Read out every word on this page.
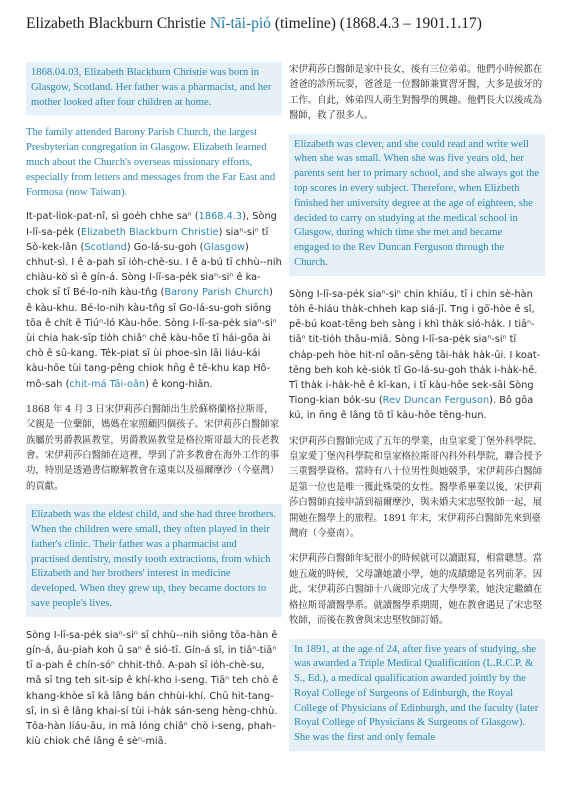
Elizabeth Blackburn Christie Nî-tāi-pió (timeline) (1868.4.3 – 1901.1.17)

1868.04.03, Elizabeth Blackburn Christie was born in Glasgow, Scotland. Her father was a pharmacist, and her mother looked after four children at home.

The family attended Barony Parish Church, the largest Presbyterian congregation in Glasgow. Elizabeth learned much about the Church's overseas missionary efforts, especially from letters and messages from the Far East and Formosa (now Taiwan).

It-pat-liok-pat-nî, sì goe̍h chhe saⁿ (1868.4.3), Sòng I-lī-sa-pe̍k (Elizabeth Blackburn Christie) siaⁿ-siⁿ tī Sò-kek-lân (Scotland) Go-lá-su-goh (Glasgow) chhut-sì. I ê a-pah sī io̍h-chè-su. I ê a-bú tī chhù--nih chiàu-kò͘ sì ê gín-á. Sòng I-lī-sa-pe̍k siaⁿ-siⁿ ê ka-chok sī tī Bé-lo-nih kàu-tn̂g (Barony Parish Church) ê kàu-khu. Bé-lo-nih kàu-tn̂g sī Go-lá-su-goh siōng tōa ê chít ê Tiúⁿ-ló Kàu-hōe. Sòng I-lī-sa-pe̍k siaⁿ-siⁿ ùi chia hak-sīp tio̍h chiâⁿ chē kàu-hōe tī hái-gōa ài chò ê sū-kang. Te̍k-piat sī ùi phoe-sìn lâi liáu-kái kàu-hōe tùi tang-pêng chiok hn̄g ê tē-khu kap Hô-mô-sah (chit-má Tâi-oân) ê kong-hiān.

1868 年 4 月 3 日宋伊莉莎白醫師出生於蘇格蘭格拉斯哥，父親是一位藥師，媽媽在家照顧四個孩子。宋伊莉莎白醫師家族屬於男爵教區教堂，男爵教區教堂是格拉斯哥最大的長老教會。宋伊莉莎白醫師在這裡，學到了許多教會在海外工作的事功，特別是透過書信瞭解教會在遠東以及福爾摩沙（今臺灣）的貢獻。

Elizabeth was the eldest child, and she had three brothers. When the children were small, they often played in their father's clinic. Their father was a pharmacist and practised dentistry, mostly tooth extractions, from which Elizabeth and her brothers' interest in medicine developed. When they grew up, they became doctors to save people's lives.

Sòng I-lī-sa-pe̍k siaⁿ-siⁿ sī chhù--nih siōng tōa-hàn ê gín-á, āu-piah koh ū saⁿ ê sió-tī. Gín-á sî, in tiāⁿ-tiāⁿ tī a-pah ê chín-sóⁿ chhit-thô. A-pah sī io̍h-chè-su, mā sī tng teh sit-sip ê khí-kho i-seng. Tiāⁿ teh chò ê khang-khòe sī kā lâng bán chhùi-khí. Chū hit-tang-sî, in sì ê lâng khai-sí tùi i-ha̍k sán-seng hèng-chhù. Tōa-hàn liáu-āu, in mā lóng chiâⁿ chò i-seng, phah-kiù chiok chē lâng ê sèⁿ-miā.

宋伊莉莎白醫師是家中長女，後有三位弟弟。他們小時候都在爸爸的診所玩耍，爸爸是一位醫師兼實習牙醫，大多是拔牙的工作。自此，姊弟四人萌生對醫學的興趣。他們長大以後成為醫師，救了很多人。

Elizabeth was clever, and she could read and write well when she was small. When she was five years old, her parents sent her to primary school, and she always got the top scores in every subject. Therefore, when Elizbeth finished her university degree at the age of eighteen, she decided to carry on studying at the medical school in Glasgow, during which time she met and became engaged to the Rev Duncan Ferguson through the Church.

Sòng I-lī-sa-pe̍k siaⁿ-siⁿ chin khiáu, tī i chin sè-hàn to̍h ē-hiáu tha̍k-chheh kap siá-jī. Tng i gō͘-hòe ê sî, pē-bú koat-tēng beh sàng i khì tha̍k sió-ha̍k. I tiāⁿ-tiāⁿ tit-tio̍h thâu-miâ. Sòng I-lī-sa-pe̍k siaⁿ-siⁿ tī cha̍p-peh hòe hit-nî oân-sêng tāi-ha̍k ha̍k-ūi. I koat-tēng beh koh kè-sio̍k tī Go-lá-su-goh tha̍k i-ha̍k-hē. Tī tha̍k i-ha̍k-hē ê kî-kan, i tī kàu-hōe sek-sāi Sòng Tiong-kian bo̍k-su (Rev Duncan Ferguson). Bô gōa kú, in n̄ng ê lâng tō tī kàu-hōe tēng-hun.

宋伊莉莎白醫師完成了五年的學業，由皇家愛丁堡外科學院、皇家愛丁堡內科學院和皇家格拉斯哥內科外科學院，聯合授予三重醫學資格。當時有八十位男性與她競爭，宋伊莉莎白醫師是第一位也是唯一獲此殊榮的女性。醫學系畢業以後，宋伊莉莎白醫師直接申請到福爾摩沙，與未婚夫宋忠堅牧師一起，展開她在醫學上的旅程。1891 年末，宋伊莉莎白醫師先來到臺灣府（今臺南）。

宋伊莉莎白醫師年紀很小的時候就可以讀跟寫，相當聰慧。當她五歲的時候，父母讓她讀小學，她的成績總是名列前茅。因此，宋伊莉莎白醫師十八歲即完成了大學學業，她決定繼續在格拉斯哥讀醫學系。就讀醫學系期間，她在教會遇見了宋忠堅牧師，而後在教會與宋忠堅牧師訂婚。

In 1891, at the age of 24, after five years of studying, she was awarded a Triple Medical Qualification (L.R.C.P. & S., Ed.), a medical qualification awarded jointly by the Royal College of Surgeons of Edinburgh, the Royal College of Physicians of Edinburgh, and the faculty (later Royal College of Physicians & Surgeons of Glasgow). She was the first and only female
